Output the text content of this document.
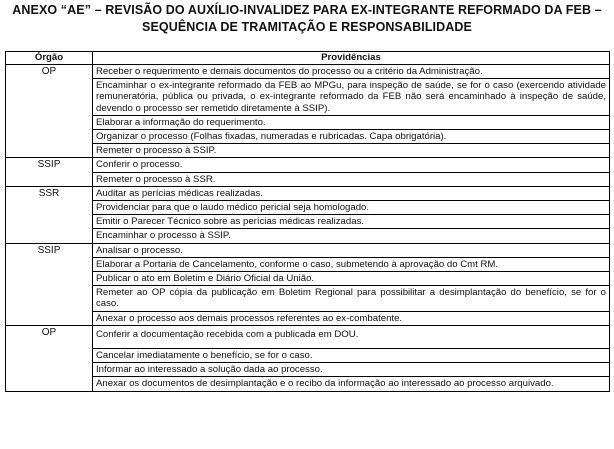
ANEXO “AE” – REVISÃO DO AUXÍLIO-INVALIDEZ PARA EX-INTEGRANTE REFORMADO DA FEB –
SEQUÊNCIA DE TRAMITAÇÃO E RESPONSABILIDADE
Órgão	Providências
OP	Receber o requerimento e demais documentos do processo ou a critério da Administração.
	Encaminhar o ex-integrante reformado da FEB ao MPGu, para inspeção de saúde, se for o caso (exercendo atividade remuneratória, pública ou privada, o ex-integrante reformado da FEB não será encaminhado à inspeção de saúde, devendo o processo ser remetido diretamente à SSIP).
	Elaborar a informação do requerimento.
	Organizar o processo (Folhas fixadas, numeradas e rubricadas. Capa obrigatória).
	Remeter o processo à SSIP.
SSIP	Conferir o processo.
	Remeter o processo à SSR.
SSR	Auditar as perícias médicas realizadas.
	Providenciar para que o laudo médico pericial seja homologado.
	Emitir o Parecer Técnico sobre as perícias médicas realizadas.
	Encaminhar o processo à SSIP.
SSIP	Analisar o processo.
	Elaborar a Portaria de Cancelamento, conforme o caso, submetendo à aprovação do Cmt RM.
	Publicar o ato em Boletim e Diário Oficial da União.
	Remeter ao OP cópia da publicação em Boletim Regional para possibilitar a desimplantação do benefício, se for o caso.
	Anexar o processo aos demais processos referentes ao ex-combatente.
OP	Conferir a documentação recebida com a publicada em DOU.
	Cancelar imediatamente o benefício, se for o caso.
	Informar ao interessado a solução dada ao processo.
	Anexar os documentos de desimplantação e o recibo da informação ao interessado ao processo arquivado.
